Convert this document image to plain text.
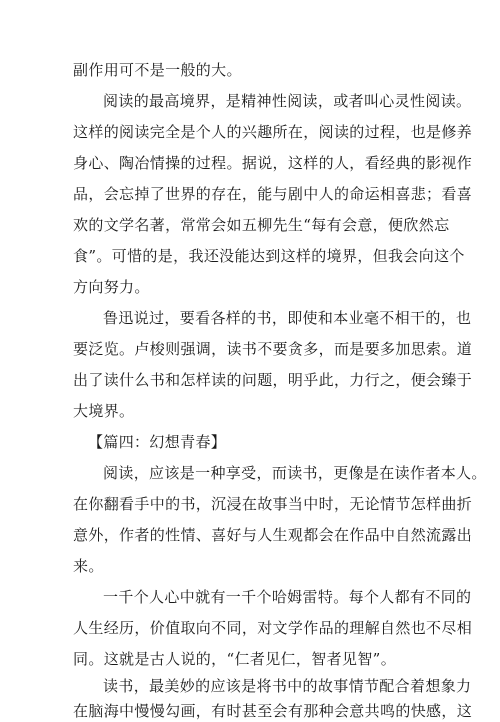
副作用可不是一般的大。
阅读的最高境界，是精神性阅读，或者叫心灵性阅读。
这样的阅读完全是个人的兴趣所在，阅读的过程，也是修养
身心、陶冶情操的过程。据说，这样的人，看经典的影视作
品，会忘掉了世界的存在，能与剧中人的命运相喜悲；看喜
欢的文学名著，常常会如五柳先生“每有会意，便欣然忘
食”。可惜的是，我还没能达到这样的境界，但我会向这个
方向努力。
鲁迅说过，要看各样的书，即使和本业毫不相干的，也
要泛览。卢梭则强调，读书不要贪多，而是要多加思索。道
出了读什么书和怎样读的问题，明乎此，力行之，便会臻于
大境界。
【篇四：幻想青春】
阅读，应该是一种享受，而读书，更像是在读作者本人。
在你翻看手中的书，沉浸在故事当中时，无论情节怎样曲折
意外，作者的性情、喜好与人生观都会在作品中自然流露出
来。
一千个人心中就有一千个哈姆雷特。每个人都有不同的
人生经历，价值取向不同，对文学作品的理解自然也不尽相
同。这就是古人说的，“仁者见仁，智者见智”。
读书，最美妙的应该是将书中的故事情节配合着想象力
在脑海中慢慢勾画，有时甚至会有那种会意共鸣的快感，这
